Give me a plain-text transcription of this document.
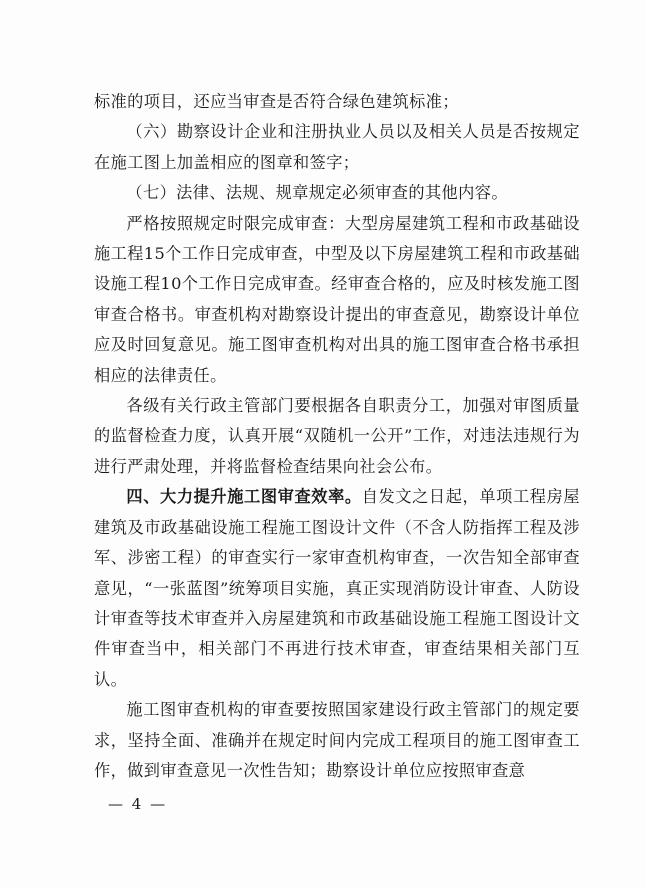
标准的项目，还应当审查是否符合绿色建筑标准；

（六）勘察设计企业和注册执业人员以及相关人员是否按规定在施工图上加盖相应的图章和签字；

（七）法律、法规、规章规定必须审查的其他内容。

严格按照规定时限完成审查：大型房屋建筑工程和市政基础设施工程15个工作日完成审查，中型及以下房屋建筑工程和市政基础设施工程10个工作日完成审查。经审查合格的，应及时核发施工图审查合格书。审查机构对勘察设计提出的审查意见，勘察设计单位应及时回复意见。施工图审查机构对出具的施工图审查合格书承担相应的法律责任。

各级有关行政主管部门要根据各自职责分工，加强对审图质量的监督检查力度，认真开展“双随机一公开”工作，对违法违规行为进行严肃处理，并将监督检查结果向社会公布。

四、大力提升施工图审查效率。自发文之日起，单项工程房屋建筑及市政基础设施工程施工图设计文件（不含人防指挥工程及涉军、涉密工程）的审查实行一家审查机构审查，一次告知全部审查意见，“一张蓝图”统筹项目实施，真正实现消防设计审查、人防设计审查等技术审查并入房屋建筑和市政基础设施工程施工图设计文件审查当中，相关部门不再进行技术审查，审查结果相关部门互认。

施工图审查机构的审查要按照国家建设行政主管部门的规定要求，坚持全面、准确并在规定时间内完成工程项目的施工图审查工作，做到审查意见一次性告知；勘察设计单位应按照审查意

— 4 —
